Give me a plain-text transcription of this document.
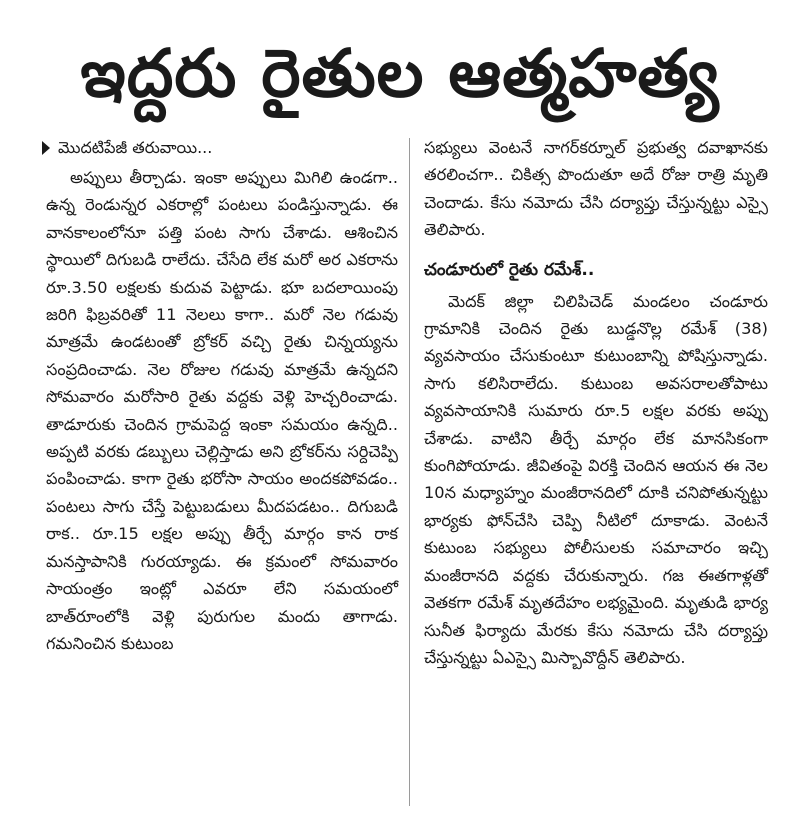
ఇద్దరు రైతుల ఆత్మహత్య
మొదటిపేజీ తరువాయి...

అప్పులు తీర్చాడు. ఇంకా అప్పులు మిగిలి ఉండగా.. ఉన్న రెండున్నర ఎకరాల్లో పంటలు పండిస్తున్నాడు. ఈ వానకాలంలోనూ పత్తి పంట సాగు చేశాడు. ఆశించిన స్థాయిలో దిగుబడి రాలేదు. చేసేది లేక మరో అర ఎకరాను రూ.3.50 లక్షలకు కుదువ పెట్టాడు. భూ బదలాయింపు జరిగి ఫిబ్రవరితో 11 నెలలు కాగా.. మరో నెల గడువు మాత్రమే ఉండటంతో బ్రోకర్ వచ్చి రైతు చిన్నయ్యను సంప్రదించాడు. నెల రోజుల గడువు మాత్రమే ఉన్నదని సోమవారం మరోసారి రైతు వద్దకు వెళ్లి హెచ్చరించాడు. తాడూరుకు చెందిన గ్రామపెద్ద ఇంకా సమయం ఉన్నది.. అప్పటి వరకు డబ్బులు చెల్లిస్తాడు అని బ్రోకర్‌ను సర్దిచెప్పి పంపించాడు. కాగా రైతు భరోసా సాయం అందకపోవడం.. పంటలు సాగు చేస్తే పెట్టుబడులు మీదపడటం.. దిగుబడి రాక.. రూ.15 లక్షల అప్పు తీర్చే మార్గం కాన రాక మనస్తాపానికి గురయ్యాడు. ఈ క్రమంలో సోమవారం సాయంత్రం ఇంట్లో ఎవరూ లేని సమయంలో బాత్‌రూంలోకి వెళ్లి పురుగుల మందు తాగాడు. గమనించిన కుటుంబ

సభ్యులు వెంటనే నాగర్‌కర్నూల్ ప్రభుత్వ దవాఖానకు తరలించగా.. చికిత్స పొందుతూ అదే రోజు రాత్రి మృతి చెందాడు. కేసు నమోదు చేసి దర్యాప్తు చేస్తున్నట్టు ఎస్సై తెలిపారు.

చండూరులో రైతు రమేశ్..

మెదక్ జిల్లా చిలిపిచెడ్ మండలం చండూరు గ్రామానికి చెందిన రైతు బుడ్డనొల్ల రమేశ్ (38) వ్యవసాయం చేసుకుంటూ కుటుంబాన్ని పోషిస్తున్నాడు. సాగు కలిసిరాలేదు. కుటుంబ అవసరాలతోపాటు వ్యవసాయానికి సుమారు రూ.5 లక్షల వరకు అప్పు చేశాడు. వాటిని తీర్చే మార్గం లేక మానసికంగా కుంగిపోయాడు. జీవితంపై విరక్తి చెందిన ఆయన ఈ నెల 10న మధ్యాహ్నం మంజీరానదిలో దూకి చనిపోతున్నట్టు భార్యకు ఫోన్‌చేసి చెప్పి నీటిలో దూకాడు. వెంటనే కుటుంబ సభ్యులు పోలీసులకు సమాచారం ఇచ్చి మంజీరానది వద్దకు చేరుకున్నారు. గజ ఈతగాళ్లతో వెతకగా రమేశ్ మృతదేహం లభ్యమైంది. మృతుడి భార్య సునీత ఫిర్యాదు మేరకు కేసు నమోదు చేసి దర్యాప్తు చేస్తున్నట్టు ఏఎస్సై మిస్బావొద్దీన్ తెలిపారు.
